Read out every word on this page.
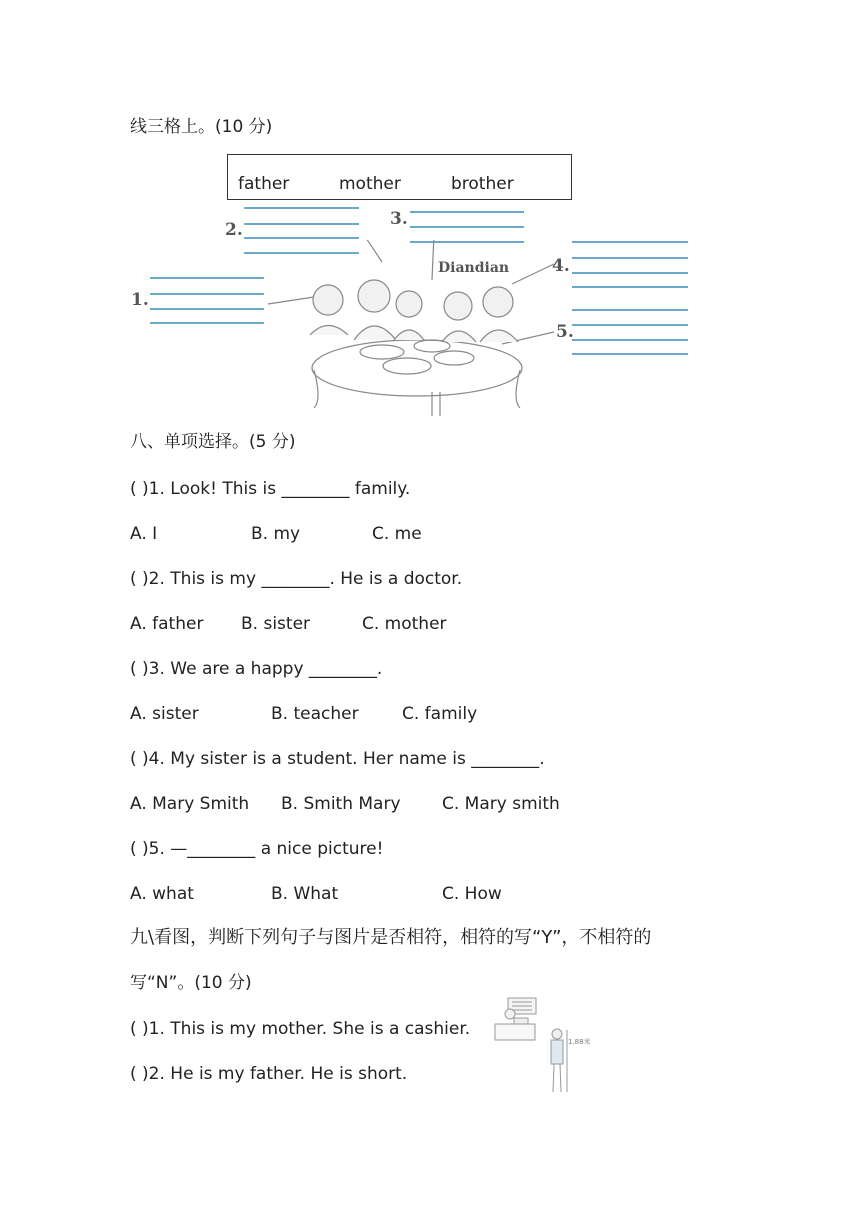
线三格上。(10 分)
father	mother	brother
1.
2.
3.
4.
5.
Diandian
八、单项选择。(5 分)
( )1. Look! This is ________ family.
A. I	B. my	C. me
( )2. This is my ________. He is a doctor.
A. father B. sister	C. mother
( )3. We are a happy ________.
A. sister	B. teacher	C. family
( )4. My sister is a student. Her name is ________.
A. Mary Smith B. Smith Mary C. Mary smith
( )5. —________ a nice picture!
A. what	B. What	C. How
九\看图，判断下列句子与图片是否相符，相符的写“Y”，不相符的
写“N”。(10 分)
( )1. This is my mother. She is a cashier.
( )2. He is my father. He is short.
1.88米
